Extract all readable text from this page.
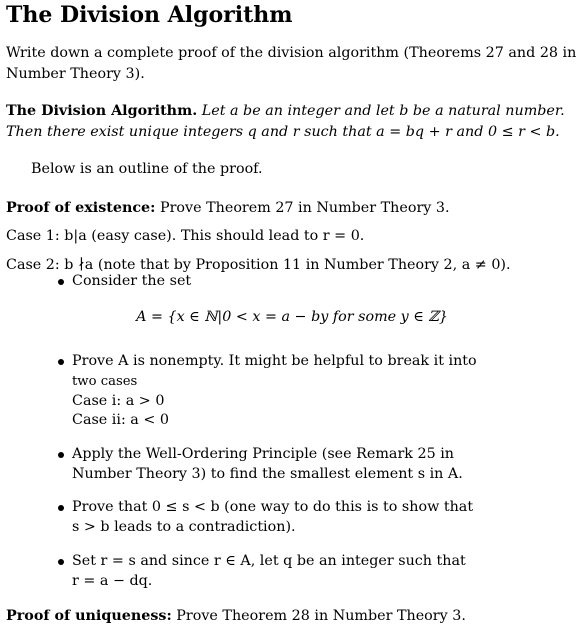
The Division Algorithm
Write down a complete proof of the division algorithm (Theorems 27 and 28 in
Number Theory 3).
The Division Algorithm. Let a be an integer and let b be a natural number.
Then there exist unique integers q and r such that a = bq + r and 0 ≤ r < b.
Below is an outline of the proof.
Proof of existence: Prove Theorem 27 in Number Theory 3.
Case 1: b|a (easy case). This should lead to r = 0.
Case 2: b ∤a (note that by Proposition 11 in Number Theory 2, a ≠ 0).
Consider the set
A = {x ∈ ℕ|0 < x = a − by for some y ∈ ℤ}
Prove A is nonempty. It might be helpful to break it into
two cases
Case i: a > 0
Case ii: a < 0
Apply the Well-Ordering Principle (see Remark 25 in
Number Theory 3) to find the smallest element s in A.
Prove that 0 ≤ s < b (one way to do this is to show that
s > b leads to a contradiction).
Set r = s and since r ∈ A, let q be an integer such that
r = a − dq.
Proof of uniqueness: Prove Theorem 28 in Number Theory 3.
